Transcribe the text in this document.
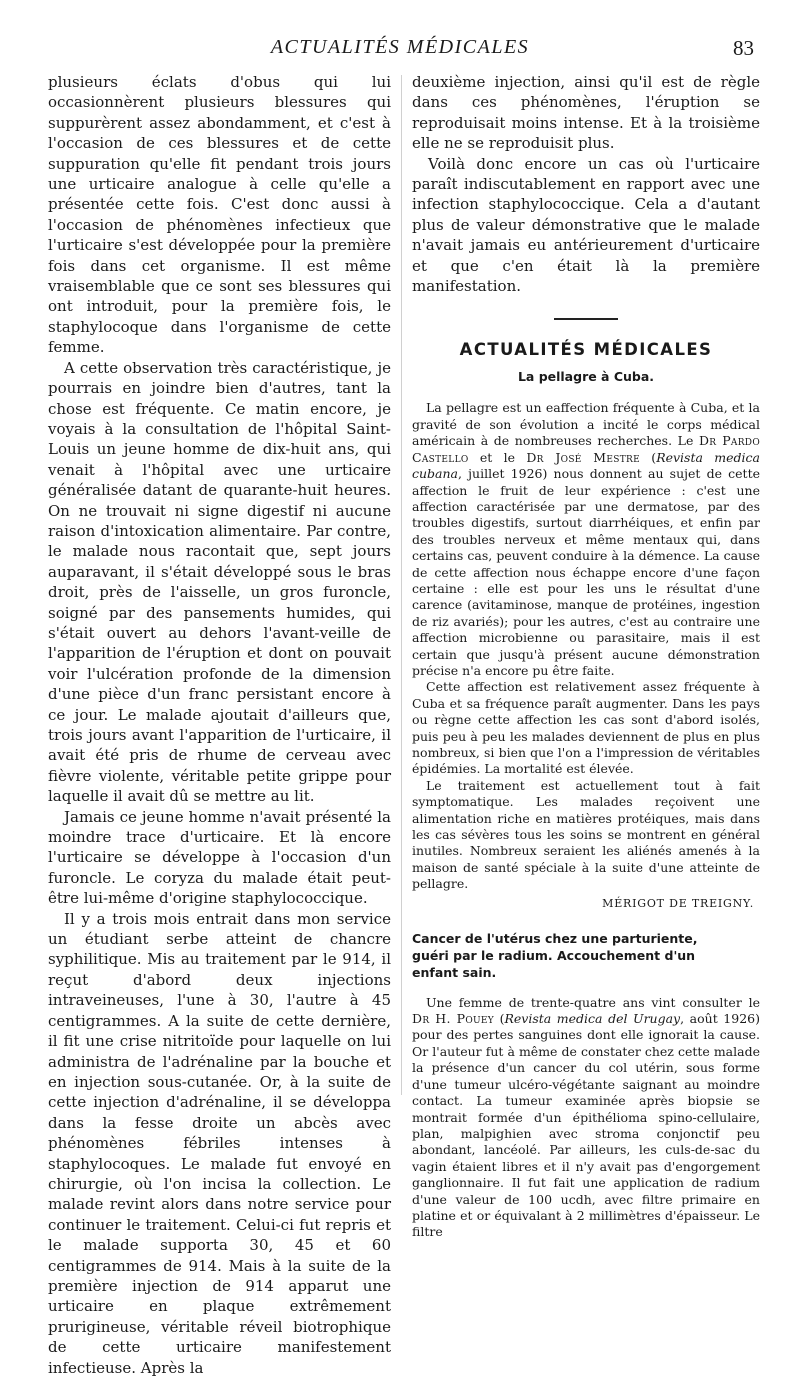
ACTUALITÉS MÉDICALES	83

plusieurs éclats d'obus qui lui occasionnèrent plusieurs blessures qui suppurèrent assez abondamment, et c'est à l'occasion de ces blessures et de cette suppuration qu'elle fit pendant trois jours une urticaire analogue à celle qu'elle a présentée cette fois. C'est donc aussi à l'occasion de phénomènes infectieux que l'urticaire s'est développée pour la première fois dans cet organisme. Il est même vraisemblable que ce sont ses blessures qui ont introduit, pour la première fois, le staphylocoque dans l'organisme de cette femme.

A cette observation très caractéristique, je pourrais en joindre bien d'autres, tant la chose est fréquente. Ce matin encore, je voyais à la consultation de l'hôpital Saint-Louis un jeune homme de dix-huit ans, qui venait à l'hôpital avec une urticaire généralisée datant de quarante-huit heures. On ne trouvait ni signe digestif ni aucune raison d'intoxication alimentaire. Par contre, le malade nous racontait que, sept jours auparavant, il s'était développé sous le bras droit, près de l'aisselle, un gros furoncle, soigné par des pansements humides, qui s'était ouvert au dehors l'avant-veille de l'apparition de l'éruption et dont on pouvait voir l'ulcération profonde de la dimension d'une pièce d'un franc persistant encore à ce jour. Le malade ajoutait d'ailleurs que, trois jours avant l'apparition de l'urticaire, il avait été pris de rhume de cerveau avec fièvre violente, véritable petite grippe pour laquelle il avait dû se mettre au lit.

Jamais ce jeune homme n'avait présenté la moindre trace d'urticaire. Et là encore l'urticaire se développe à l'occasion d'un furoncle. Le coryza du malade était peut-être lui-même d'origine staphylococcique.

Il y a trois mois entrait dans mon service un étudiant serbe atteint de chancre syphilitique. Mis au traitement par le 914, il reçut d'abord deux injections intraveineuses, l'une à 30, l'autre à 45 centigrammes. A la suite de cette dernière, il fit une crise nitritoïde pour laquelle on lui administra de l'adrénaline par la bouche et en injection sous-cutanée. Or, à la suite de cette injection d'adrénaline, il se développa dans la fesse droite un abcès avec phénomènes fébriles intenses à staphylocoques. Le malade fut envoyé en chirurgie, où l'on incisa la collection. Le malade revint alors dans notre service pour continuer le traitement. Celui-ci fut repris et le malade supporta 30, 45 et 60 centigrammes de 914. Mais à la suite de la première injection de 914 apparut une urticaire en plaque extrêmement prurigineuse, véritable réveil biotrophique de cette urticaire manifestement infectieuse. Après la

deuxième injection, ainsi qu'il est de règle dans ces phénomènes, l'éruption se reproduisait moins intense. Et à la troisième elle ne se reproduisit plus.

Voilà donc encore un cas où l'urticaire paraît indiscutablement en rapport avec une infection staphylococcique. Cela a d'autant plus de valeur démonstrative que le malade n'avait jamais eu antérieurement d'urticaire et que c'en était là la première manifestation.

ACTUALITÉS MÉDICALES
La pellagre à Cuba.

La pellagre est un eaffection fréquente à Cuba, et la gravité de son évolution a incité le corps médical américain à de nombreuses recherches. Le Dr Pardo Castello et le Dr José Mestre (Revista medica cubana, juillet 1926) nous donnent au sujet de cette affection le fruit de leur expérience : c'est une affection caractérisée par une dermatose, par des troubles digestifs, surtout diarrhéiques, et enfin par des troubles nerveux et même mentaux qui, dans certains cas, peuvent conduire à la démence. La cause de cette affection nous échappe encore d'une façon certaine : elle est pour les uns le résultat d'une carence (avitaminose, manque de protéines, ingestion de riz avariés); pour les autres, c'est au contraire une affection microbienne ou parasitaire, mais il est certain que jusqu'à présent aucune démonstration précise n'a encore pu être faite.

Cette affection est relativement assez fréquente à Cuba et sa fréquence paraît augmenter. Dans les pays ou règne cette affection les cas sont d'abord isolés, puis peu à peu les malades deviennent de plus en plus nombreux, si bien que l'on a l'impression de véritables épidémies. La mortalité est élevée.

Le traitement est actuellement tout à fait symptomatique. Les malades reçoivent une alimentation riche en matières protéiques, mais dans les cas sévères tous les soins se montrent en général inutiles. Nombreux seraient les aliénés amenés à la maison de santé spéciale à la suite d'une atteinte de pellagre.

MÉRIGOT DE TREIGNY.
Cancer de l'utérus chez une parturiente,
guéri par le radium. Accouchement d'un
enfant sain.

Une femme de trente-quatre ans vint consulter le Dr H. Pouey (Revista medica del Urugay, août 1926) pour des pertes sanguines dont elle ignorait la cause. Or l'auteur fut à même de constater chez cette malade la présence d'un cancer du col utérin, sous forme d'une tumeur ulcéro-végétante saignant au moindre contact. La tumeur examinée après biopsie se montrait formée d'un épithélioma spino-cellulaire, plan, malpighien avec stroma conjonctif peu abondant, lancéolé. Par ailleurs, les culs-de-sac du vagin étaient libres et il n'y avait pas d'engorgement ganglionnaire. Il fut fait une application de radium d'une valeur de 100 ucdh, avec filtre primaire en platine et or équivalant à 2 millimètres d'épaisseur. Le filtre
